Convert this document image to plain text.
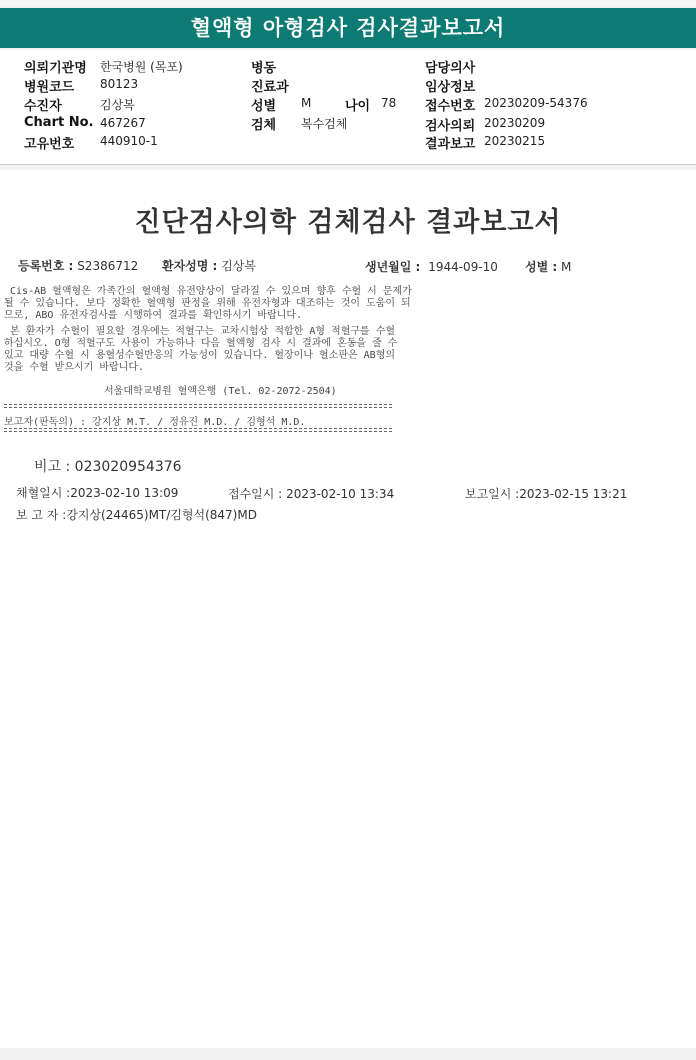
혈액형 아형검사 검사결과보고서
의뢰기관명 한국병원 (목포)
병원코드 80123
수진자	김상복
Chart No. 467267
고유번호 440910-1
병동
진료과
성별 M	나이 78
검체 복수검체
담당의사
임상정보
접수번호 20230209-54376
검사의뢰 20230209
결과보고 20230215
진단검사의학 검체검사 결과보고서
등록번호 : S2386712 환자성명 : 김상복	생년월일 : 1944-09-10 성별 : M
Cis-AB 혈액형은 가족간의 혈액형 유전양상이 달라질 수 있으며 향후 수혈 시 문제가
될 수 있습니다. 보다 정확한 혈액형 판정을 위해 유전자형과 대조하는 것이 도움이 되
므로, ABO 유전자검사를 시행하여 결과를 확인하시기 바랍니다.
본 환자가 수혈이 필요할 경우에는 적혈구는 교차시험상 적합한 A형 적혈구를 수혈
하십시오. O형 적혈구도 사용이 가능하나 다음 혈액형 검사 시 결과에 혼동을 줄 수
있고 대량 수혈 시 용혈성수혈반응의 가능성이 있습니다. 혈장이나 혈소판은 AB형의
것을 수혈 받으시기 바랍니다.
서울대학교병원 혈액은행 (Tel. 02-2072-2504)
보고자(판독의) : 강지상 M.T. / 정유진 M.D. / 김형석 M.D.
비고 : 023020954376
채혈일시 :2023-02-10 13:09	접수일시 : 2023-02-10 13:34	보고일시 :2023-02-15 13:21
보 고 자 :강지상(24465)MT/김형석(847)MD
